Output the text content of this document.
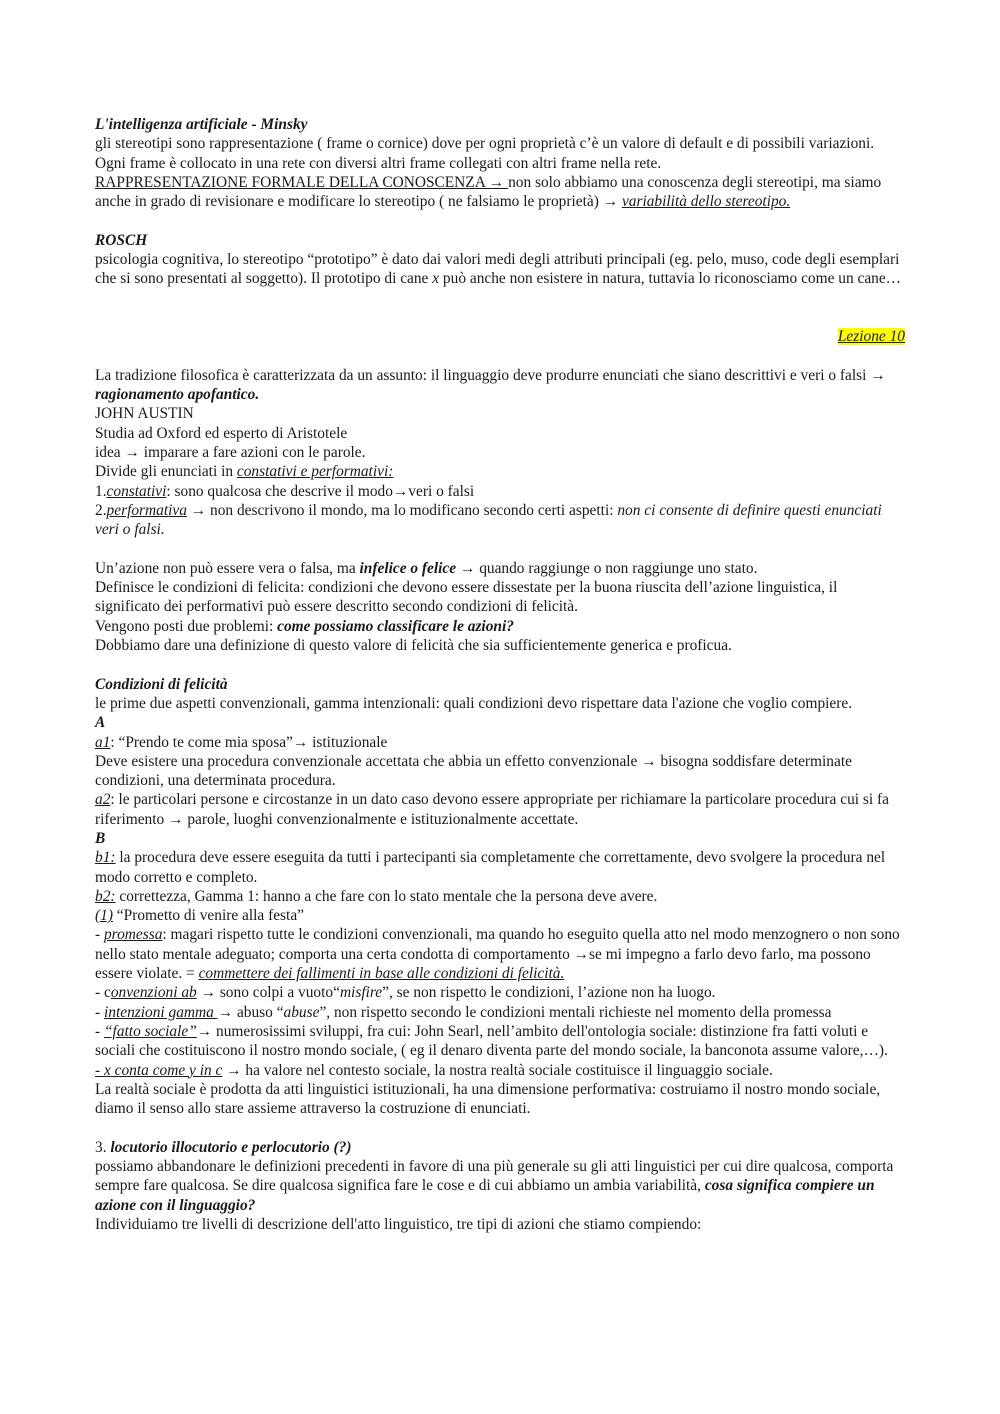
L'intelligenza artificiale - Minsky

gli stereotipi sono rappresentazione ( frame o cornice) dove per ogni proprietà c’è un valore di default e di possibili variazioni. Ogni frame è collocato in una rete con diversi altri frame collegati con altri frame nella rete.

RAPPRESENTAZIONE FORMALE DELLA CONOSCENZA → non solo abbiamo una conoscenza degli stereotipi, ma siamo anche in grado di revisionare e modificare lo stereotipo ( ne falsiamo le proprietà) → variabilità dello stereotipo.

ROSCH

psicologia cognitiva, lo stereotipo “prototipo” è dato dai valori medi degli attributi principali (eg. pelo, muso, code degli esemplari che si sono presentati al soggetto). Il prototipo di cane x può anche non esistere in natura, tuttavia lo riconosciamo come un cane…

Lezione 10

La tradizione filosofica è caratterizzata da un assunto: il linguaggio deve produrre enunciati che siano descrittivi e veri o falsi → ragionamento apofantico.

JOHN AUSTIN

Studia ad Oxford ed esperto di Aristotele

idea → imparare a fare azioni con le parole.

Divide gli enunciati in constativi e performativi:

1.constativi: sono qualcosa che descrive il modo→veri o falsi

2.performativa → non descrivono il mondo, ma lo modificano secondo certi aspetti: non ci consente di definire questi enunciati veri o falsi.

Un’azione non può essere vera o falsa, ma infelice o felice → quando raggiunge o non raggiunge uno stato.

Definisce le condizioni di felicita: condizioni che devono essere dissestate per la buona riuscita dell’azione linguistica, il significato dei performativi può essere descritto secondo condizioni di felicità.

Vengono posti due problemi: come possiamo classificare le azioni?

Dobbiamo dare una definizione di questo valore di felicità che sia sufficientemente generica e proficua.

Condizioni di felicità

le prime due aspetti convenzionali, gamma intenzionali: quali condizioni devo rispettare data l'azione che voglio compiere.

A

a1: “Prendo te come mia sposa”→ istituzionale

Deve esistere una procedura convenzionale accettata che abbia un effetto convenzionale → bisogna soddisfare determinate condizioni, una determinata procedura.

a2: le particolari persone e circostanze in un dato caso devono essere appropriate per richiamare la particolare procedura cui si fa riferimento → parole, luoghi convenzionalmente e istituzionalmente accettate.

B

b1: la procedura deve essere eseguita da tutti i partecipanti sia completamente che correttamente, devo svolgere la procedura nel modo corretto e completo.

b2: correttezza, Gamma 1: hanno a che fare con lo stato mentale che la persona deve avere.

(1) “Prometto di venire alla festa”

- promessa: magari rispetto tutte le condizioni convenzionali, ma quando ho eseguito quella atto nel modo menzognero o non sono nello stato mentale adeguato; comporta una certa condotta di comportamento →se mi impegno a farlo devo farlo, ma possono essere violate. = commettere dei fallimenti in base alle condizioni di felicità.

- convenzioni ab → sono colpi a vuoto“misfire”, se non rispetto le condizioni, l’azione non ha luogo.

- intenzioni gamma → abuso “abuse”, non rispetto secondo le condizioni mentali richieste nel momento della promessa

- “fatto sociale”→ numerosissimi sviluppi, fra cui: John Searl, nell’ambito dell'ontologia sociale: distinzione fra fatti voluti e sociali che costituiscono il nostro mondo sociale, ( eg il denaro diventa parte del mondo sociale, la banconota assume valore,…).

- x conta come y in c → ha valore nel contesto sociale, la nostra realtà sociale costituisce il linguaggio sociale.

La realtà sociale è prodotta da atti linguistici istituzionali, ha una dimensione performativa: costruiamo il nostro mondo sociale, diamo il senso allo stare assieme attraverso la costruzione di enunciati.

3. locutorio illocutorio e perlocutorio (?)

possiamo abbandonare le definizioni precedenti in favore di una più generale su gli atti linguistici per cui dire qualcosa, comporta sempre fare qualcosa. Se dire qualcosa significa fare le cose e di cui abbiamo un ambia variabilità, cosa significa compiere un azione con il linguaggio?

Individuiamo tre livelli di descrizione dell'atto linguistico, tre tipi di azioni che stiamo compiendo:
